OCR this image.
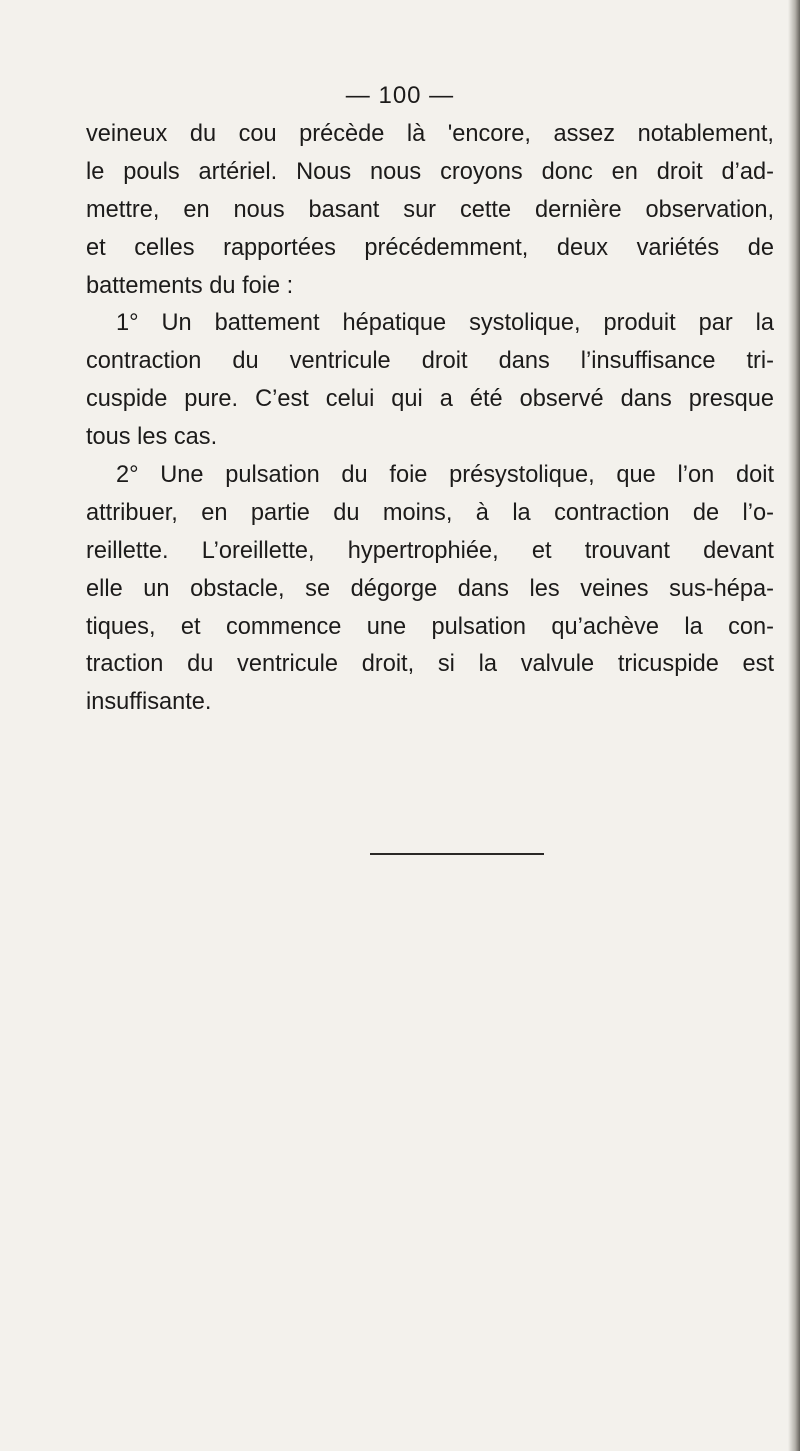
— 100 —
veineux du cou précède là 'encore, assez notablement,
le pouls artériel. Nous nous croyons donc en droit d’ad-
mettre, en nous basant sur cette dernière observation,
et celles rapportées précédemment, deux variétés de
battements du foie :
1° Un battement hépatique systolique, produit par la
contraction du ventricule droit dans l’insuffisance tri-
cuspide pure. C’est celui qui a été observé dans presque
tous les cas.
2° Une pulsation du foie présystolique, que l’on doit
attribuer, en partie du moins, à la contraction de l’o-
reillette. L’oreillette, hypertrophiée, et trouvant devant
elle un obstacle, se dégorge dans les veines sus-hépa-
tiques, et commence une pulsation qu’achève la con-
traction du ventricule droit, si la valvule tricuspide est
insuffisante.
